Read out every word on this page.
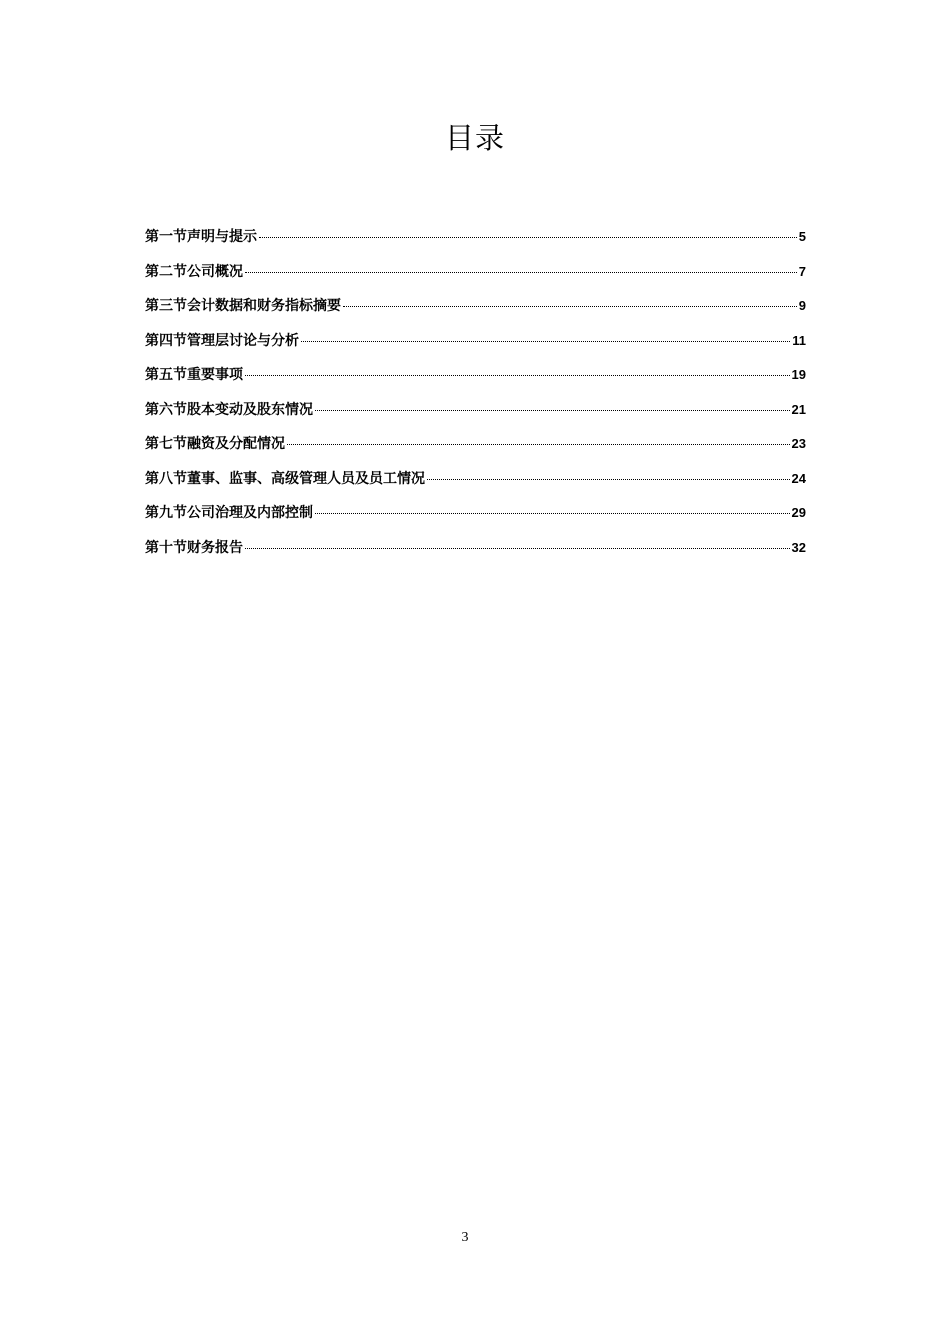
目录
第一节声明与提示	5
第二节公司概况	7
第三节会计数据和财务指标摘要	9
第四节管理层讨论与分析	11
第五节重要事项	19
第六节股本变动及股东情况	21
第七节融资及分配情况	23
第八节董事、监事、高级管理人员及员工情况	24
第九节公司治理及内部控制	29
第十节财务报告	32
3
